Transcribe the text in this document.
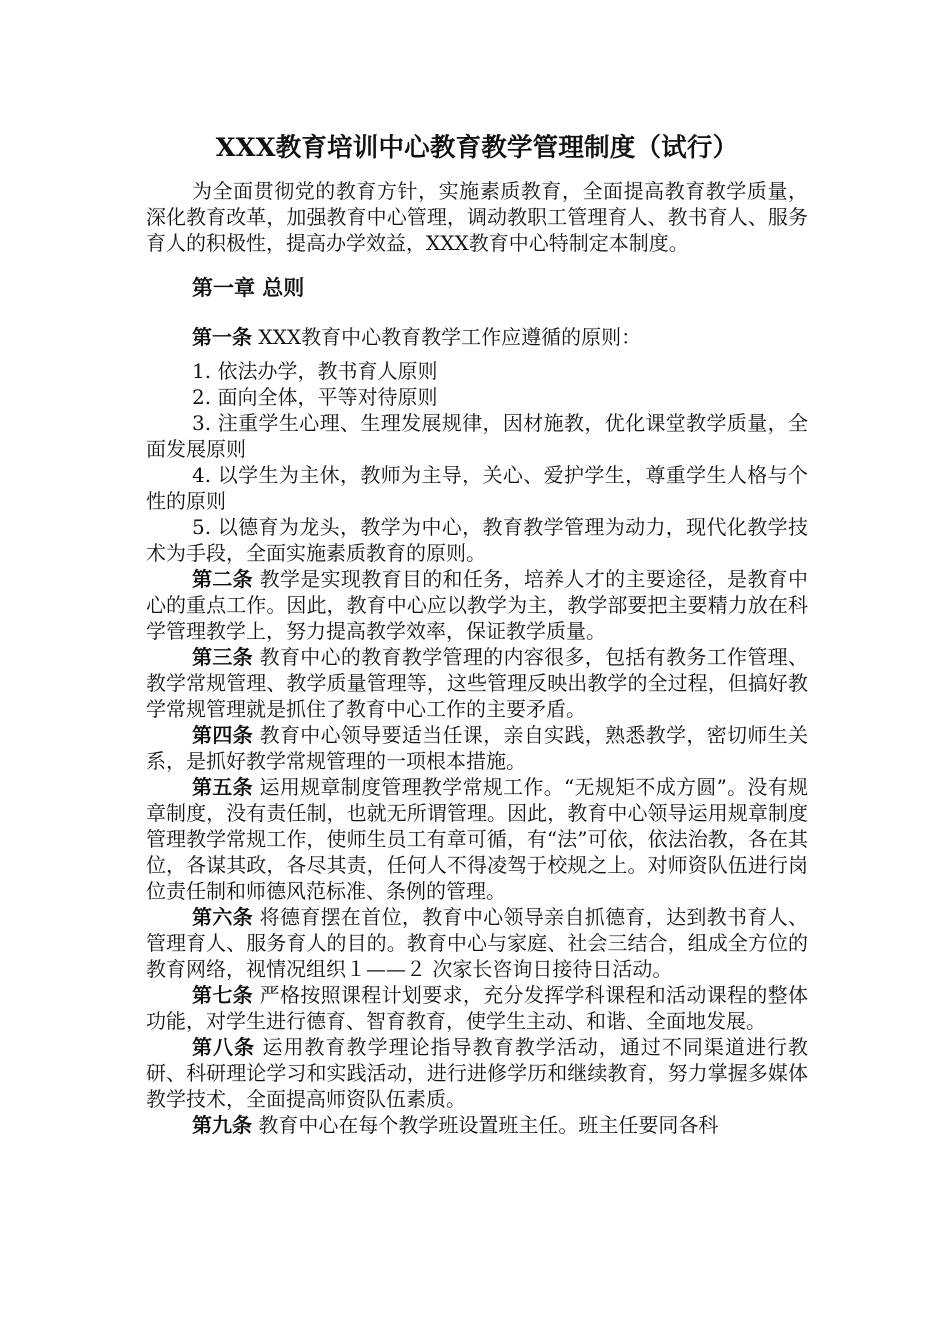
XXX教育培训中心教育教学管理制度（试行）

为全面贯彻党的教育方针，实施素质教育，全面提高教育教学质量，深化教育改革，加强教育中心管理，调动教职工管理育人、教书育人、服务育人的积极性，提高办学效益，XXX教育中心特制定本制度。

第一章 总则

第一条 XXX教育中心教育教学工作应遵循的原则：

1. 依法办学，教书育人原则

2. 面向全体，平等对待原则

3. 注重学生心理、生理发展规律，因材施教，优化课堂教学质量，全面发展原则

4. 以学生为主休，教师为主导，关心、爱护学生，尊重学生人格与个性的原则

5. 以德育为龙头，教学为中心，教育教学管理为动力，现代化教学技术为手段，全面实施素质教育的原则。

第二条 教学是实现教育目的和任务，培养人才的主要途径，是教育中心的重点工作。因此，教育中心应以教学为主，教学部要把主要精力放在科学管理教学上，努力提高教学效率，保证教学质量。

第三条 教育中心的教育教学管理的内容很多，包括有教务工作管理、教学常规管理、教学质量管理等，这些管理反映出教学的全过程，但搞好教学常规管理就是抓住了教育中心工作的主要矛盾。

第四条 教育中心领导要适当任课，亲自实践，熟悉教学，密切师生关系，是抓好教学常规管理的一项根本措施。

第五条 运用规章制度管理教学常规工作。“无规矩不成方圆”。没有规章制度，没有责任制，也就无所谓管理。因此，教育中心领导运用规章制度管理教学常规工作，使师生员工有章可循，有“法”可依，依法治教，各在其位，各谋其政，各尽其责，任何人不得凌驾于校规之上。对师资队伍进行岗位责任制和师德风范标准、条例的管理。

第六条 将德育摆在首位，教育中心领导亲自抓德育，达到教书育人、管理育人、服务育人的目的。教育中心与家庭、社会三结合，组成全方位的教育网络，视情况组织１——２ 次家长咨询日接待日活动。

第七条 严格按照课程计划要求，充分发挥学科课程和活动课程的整体功能，对学生进行德育、智育教育，使学生主动、和谐、全面地发展。

第八条 运用教育教学理论指导教育教学活动，通过不同渠道进行教研、科研理论学习和实践活动，进行进修学历和继续教育，努力掌握多媒体教学技术，全面提高师资队伍素质。

第九条 教育中心在每个教学班设置班主任。班主任要同各科
